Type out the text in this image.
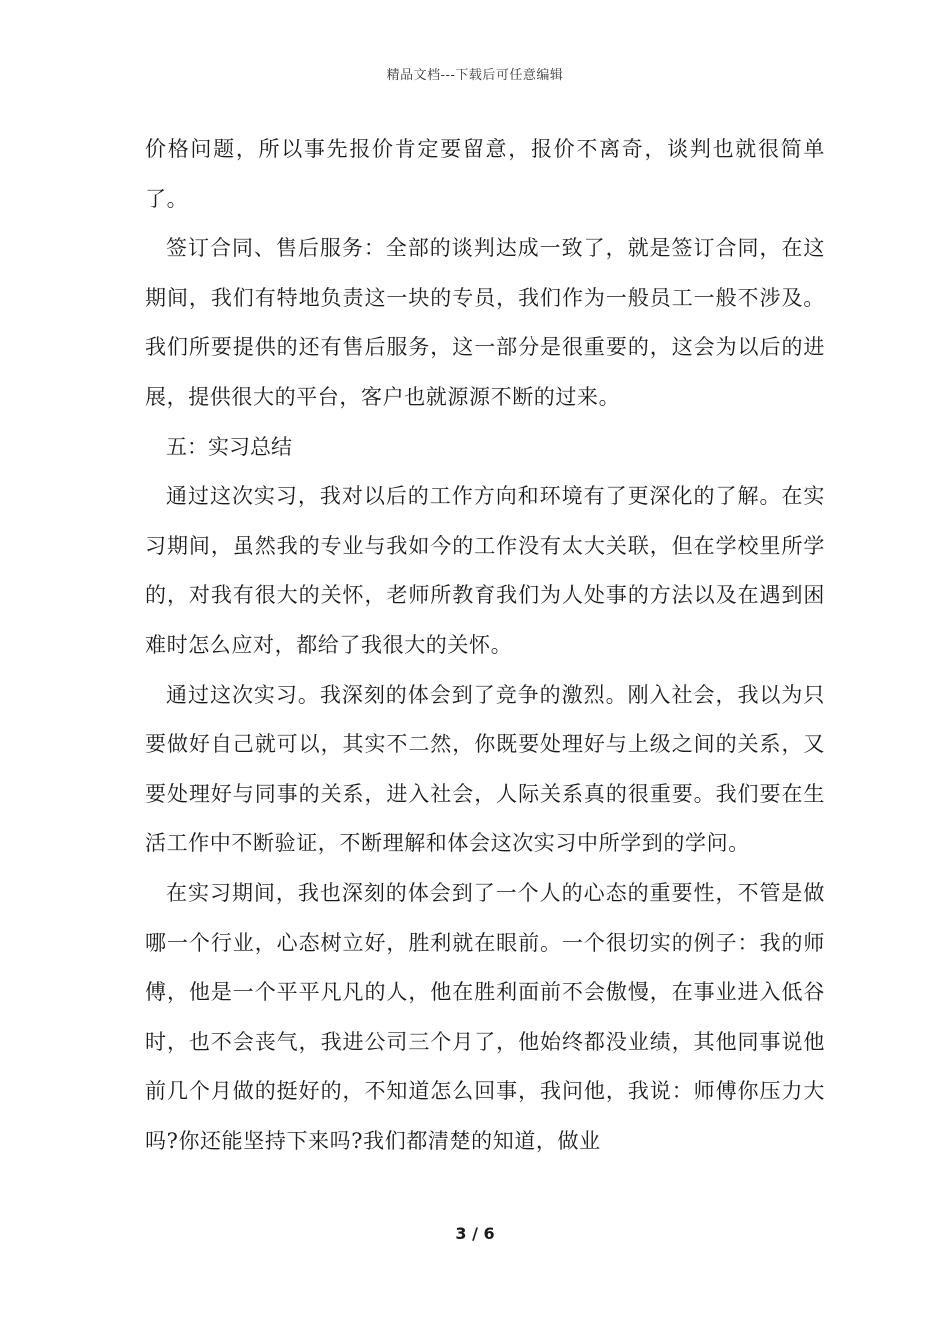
精品文档---下载后可任意编辑

价格问题，所以事先报价肯定要留意，报价不离奇，谈判也就很简单了。

签订合同、售后服务：全部的谈判达成一致了，就是签订合同，在这期间，我们有特地负责这一块的专员，我们作为一般员工一般不涉及。我们所要提供的还有售后服务，这一部分是很重要的，这会为以后的进展，提供很大的平台，客户也就源源不断的过来。

五：实习总结

通过这次实习，我对以后的工作方向和环境有了更深化的了解。在实习期间，虽然我的专业与我如今的工作没有太大关联，但在学校里所学的，对我有很大的关怀，老师所教育我们为人处事的方法以及在遇到困难时怎么应对，都给了我很大的关怀。

通过这次实习。我深刻的体会到了竞争的激烈。刚入社会，我以为只要做好自己就可以，其实不二然，你既要处理好与上级之间的关系，又要处理好与同事的关系，进入社会，人际关系真的很重要。我们要在生活工作中不断验证，不断理解和体会这次实习中所学到的学问。

在实习期间，我也深刻的体会到了一个人的心态的重要性，不管是做哪一个行业，心态树立好，胜利就在眼前。一个很切实的例子：我的师傅，他是一个平平凡凡的人，他在胜利面前不会傲慢，在事业进入低谷时，也不会丧气，我进公司三个月了，他始终都没业绩，其他同事说他前几个月做的挺好的，不知道怎么回事，我问他，我说：师傅你压力大吗?你还能坚持下来吗?我们都清楚的知道，做业

3 / 6
